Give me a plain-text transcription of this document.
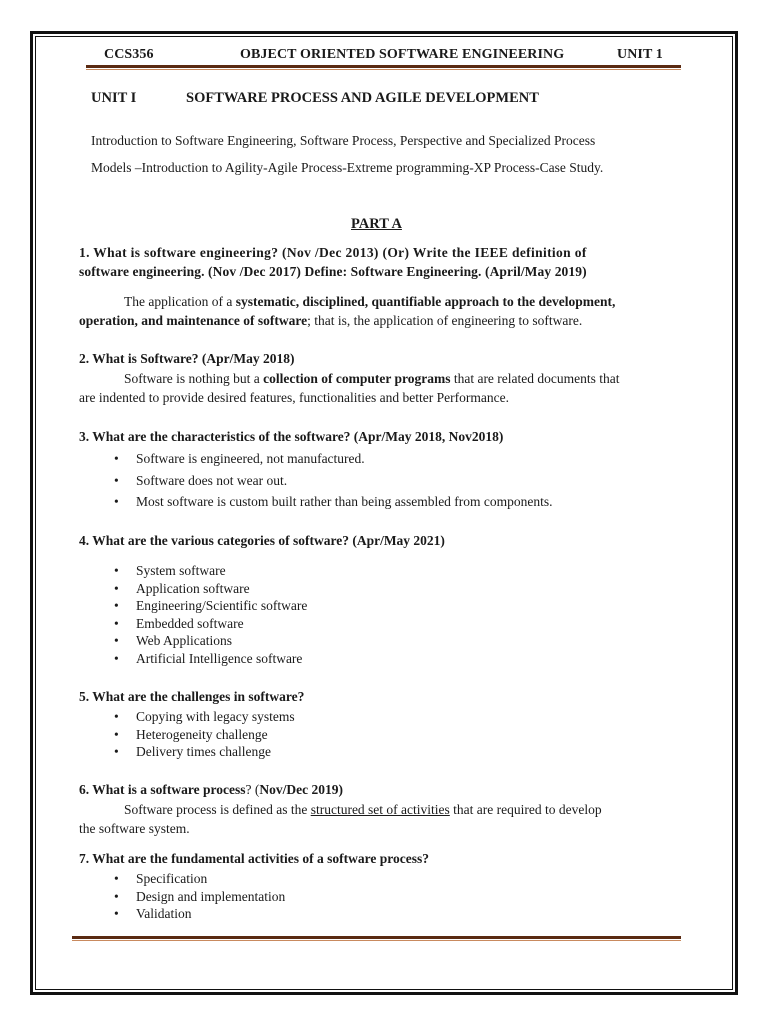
CCS356	OBJECT ORIENTED SOFTWARE ENGINEERING	UNIT 1
UNIT I	SOFTWARE PROCESS AND AGILE DEVELOPMENT
Introduction to Software Engineering, Software Process, Perspective and Specialized Process
Models –Introduction to Agility-Agile Process-Extreme programming-XP Process-Case Study.
PART A
1. What is software engineering? (Nov /Dec 2013) (Or) Write the IEEE definition of
software engineering. (Nov /Dec 2017) Define: Software Engineering. (April/May 2019)
The application of a systematic, disciplined, quantifiable approach to the development,
operation, and maintenance of software; that is, the application of engineering to software.
2. What is Software? (Apr/May 2018)
Software is nothing but a collection of computer programs that are related documents that
are indented to provide desired features, functionalities and better Performance.
3. What are the characteristics of the software? (Apr/May 2018, Nov2018)
• Software is engineered, not manufactured.
• Software does not wear out.
• Most software is custom built rather than being assembled from components.
4. What are the various categories of software? (Apr/May 2021)
• System software
• Application software
• Engineering/Scientific software
• Embedded software
• Web Applications
• Artificial Intelligence software
5. What are the challenges in software?
• Copying with legacy systems
• Heterogeneity challenge
• Delivery times challenge
6. What is a software process? (Nov/Dec 2019)
Software process is defined as the structured set of activities that are required to develop
the software system.
7. What are the fundamental activities of a software process?
• Specification
• Design and implementation
• Validation
